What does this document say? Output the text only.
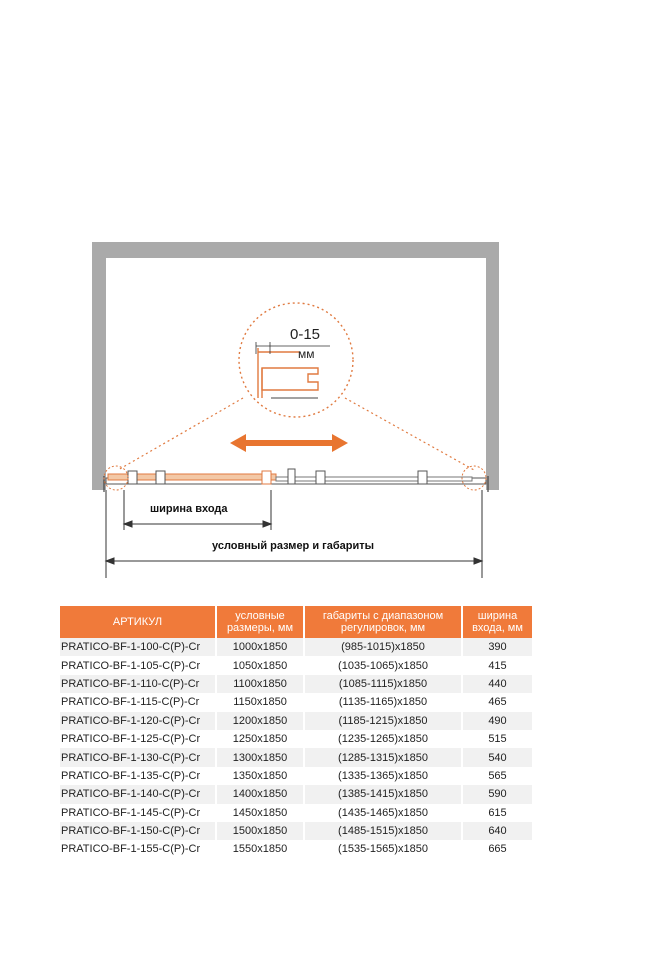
0-15
мм
ширина входа
условный размер и габариты
АРТИКУЛ	условные размеры, мм	габариты с диапазоном регулировок, мм	ширина входа, мм
PRATICO-BF-1-100-C(P)-Cr	1000x1850	(985-1015)x1850	390
PRATICO-BF-1-105-C(P)-Cr	1050x1850	(1035-1065)x1850	415
PRATICO-BF-1-110-C(P)-Cr	1100x1850	(1085-1115)x1850	440
PRATICO-BF-1-115-C(P)-Cr	1150x1850	(1135-1165)x1850	465
PRATICO-BF-1-120-C(P)-Cr	1200x1850	(1185-1215)x1850	490
PRATICO-BF-1-125-C(P)-Cr	1250x1850	(1235-1265)x1850	515
PRATICO-BF-1-130-C(P)-Cr	1300x1850	(1285-1315)x1850	540
PRATICO-BF-1-135-C(P)-Cr	1350x1850	(1335-1365)x1850	565
PRATICO-BF-1-140-C(P)-Cr	1400x1850	(1385-1415)x1850	590
PRATICO-BF-1-145-C(P)-Cr	1450x1850	(1435-1465)x1850	615
PRATICO-BF-1-150-C(P)-Cr	1500x1850	(1485-1515)x1850	640
PRATICO-BF-1-155-C(P)-Cr	1550x1850	(1535-1565)x1850	665
